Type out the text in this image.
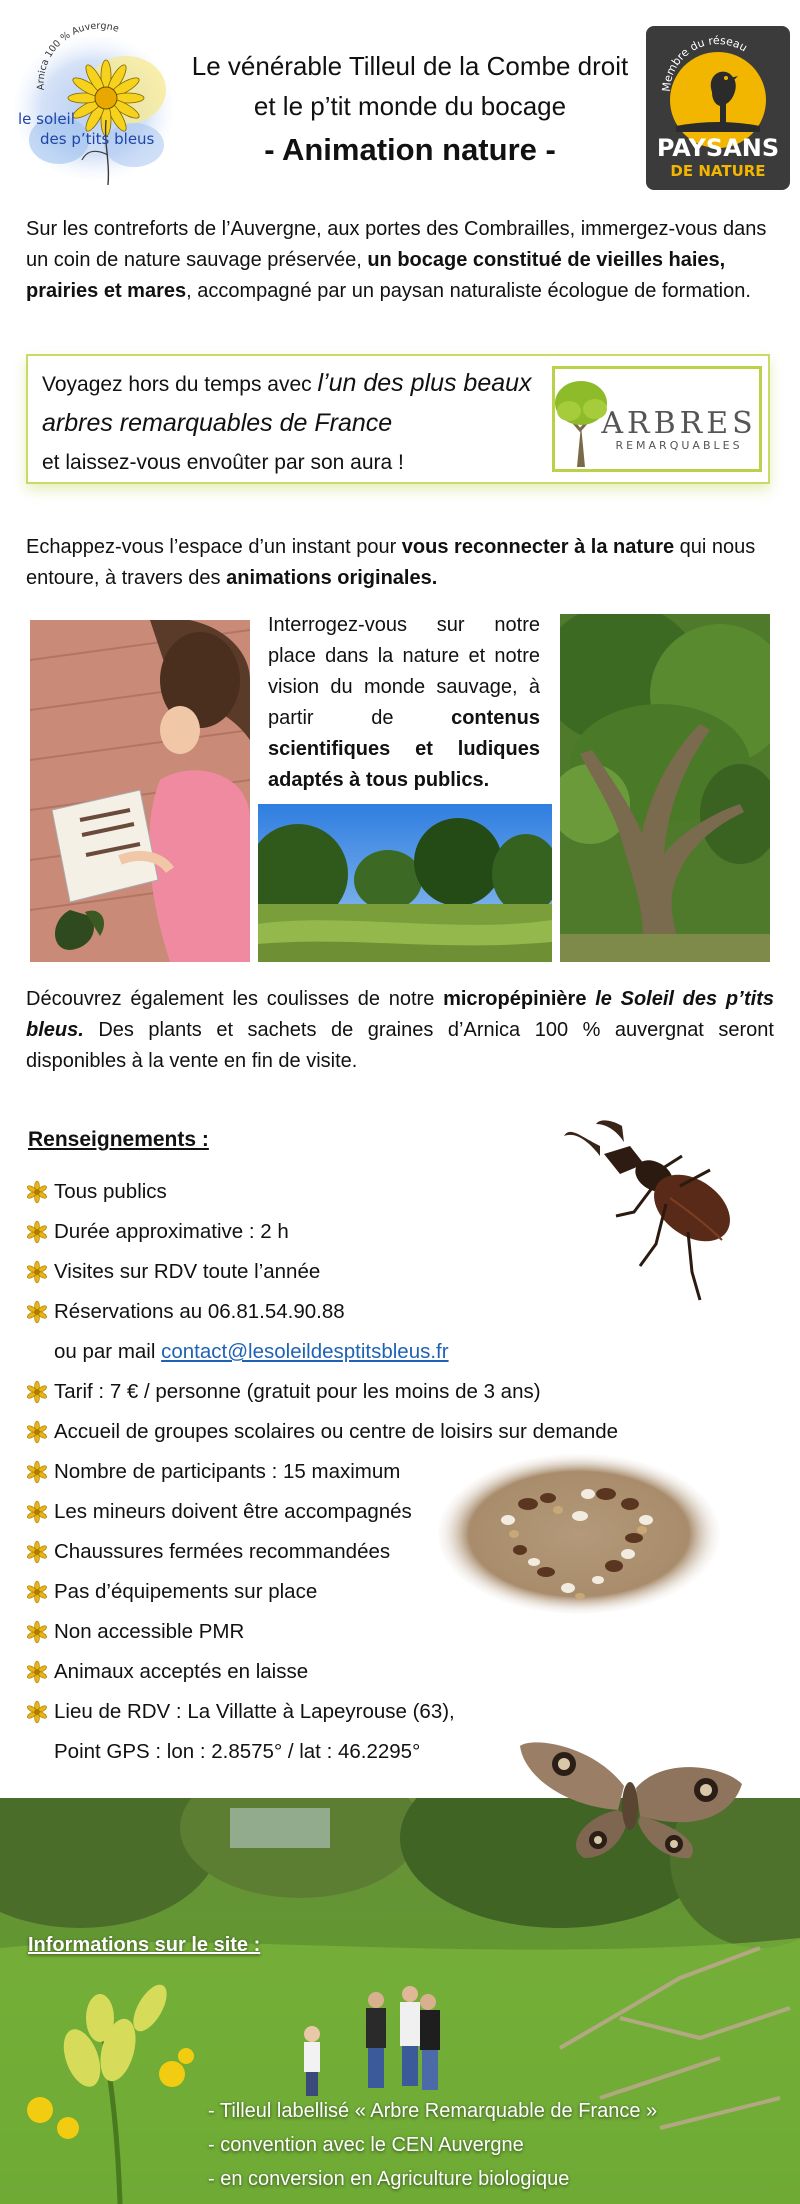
Arnica 100 % Auvergne
le soleil
des p’tits bleus
Le vénérable Tilleul de la Combe droit
et le p’tit monde du bocage
- Animation nature -
Membre du réseau
PAYSANS
DE NATURE

Sur les contreforts de l’Auvergne, aux portes des Combrailles, immergez-vous dans un coin de nature sauvage préservée, un bocage constitué de vieilles haies, prairies et mares, accompagné par un paysan naturaliste écologue de formation.

Voyagez hors du temps avec l’un des plus beaux
arbres remarquables de France
et laissez-vous envoûter par son aura !
ARBRES
REMARQUABLES

Echappez-vous l’espace d’un instant pour vous reconnecter à la nature qui nous entoure, à travers des animations originales.

Interrogez-vous sur notre place dans la nature et notre vision du monde sauvage, à partir de contenus scientifiques et ludiques adaptés à tous publics.

Découvrez également les coulisses de notre micropépinière le Soleil des p’tits bleus. Des plants et sachets de graines d’Arnica 100 % auvergnat seront disponibles à la vente en fin de visite.

Renseignements :
Tous publics
Durée approximative : 2 h
Visites sur RDV toute l’année
Réservations au 06.81.54.90.88
ou par mail
contact@lesoleildesptitsbleus.fr
Tarif : 7 € / personne (gratuit pour les moins de 3 ans)
Accueil de groupes scolaires ou centre de loisirs sur demande
Nombre de participants : 15 maximum
Les mineurs doivent être accompagnés
Chaussures fermées recommandées
Pas d’équipements sur place
Non accessible PMR
Animaux acceptés en laisse
Lieu de RDV : La Villatte à Lapeyrouse (63),
Point GPS : lon : 2.8575° / lat : 46.2295°
Informations sur le site :
- Tilleul labellisé « Arbre Remarquable de France »
- convention avec le CEN Auvergne
- en conversion en Agriculture biologique
